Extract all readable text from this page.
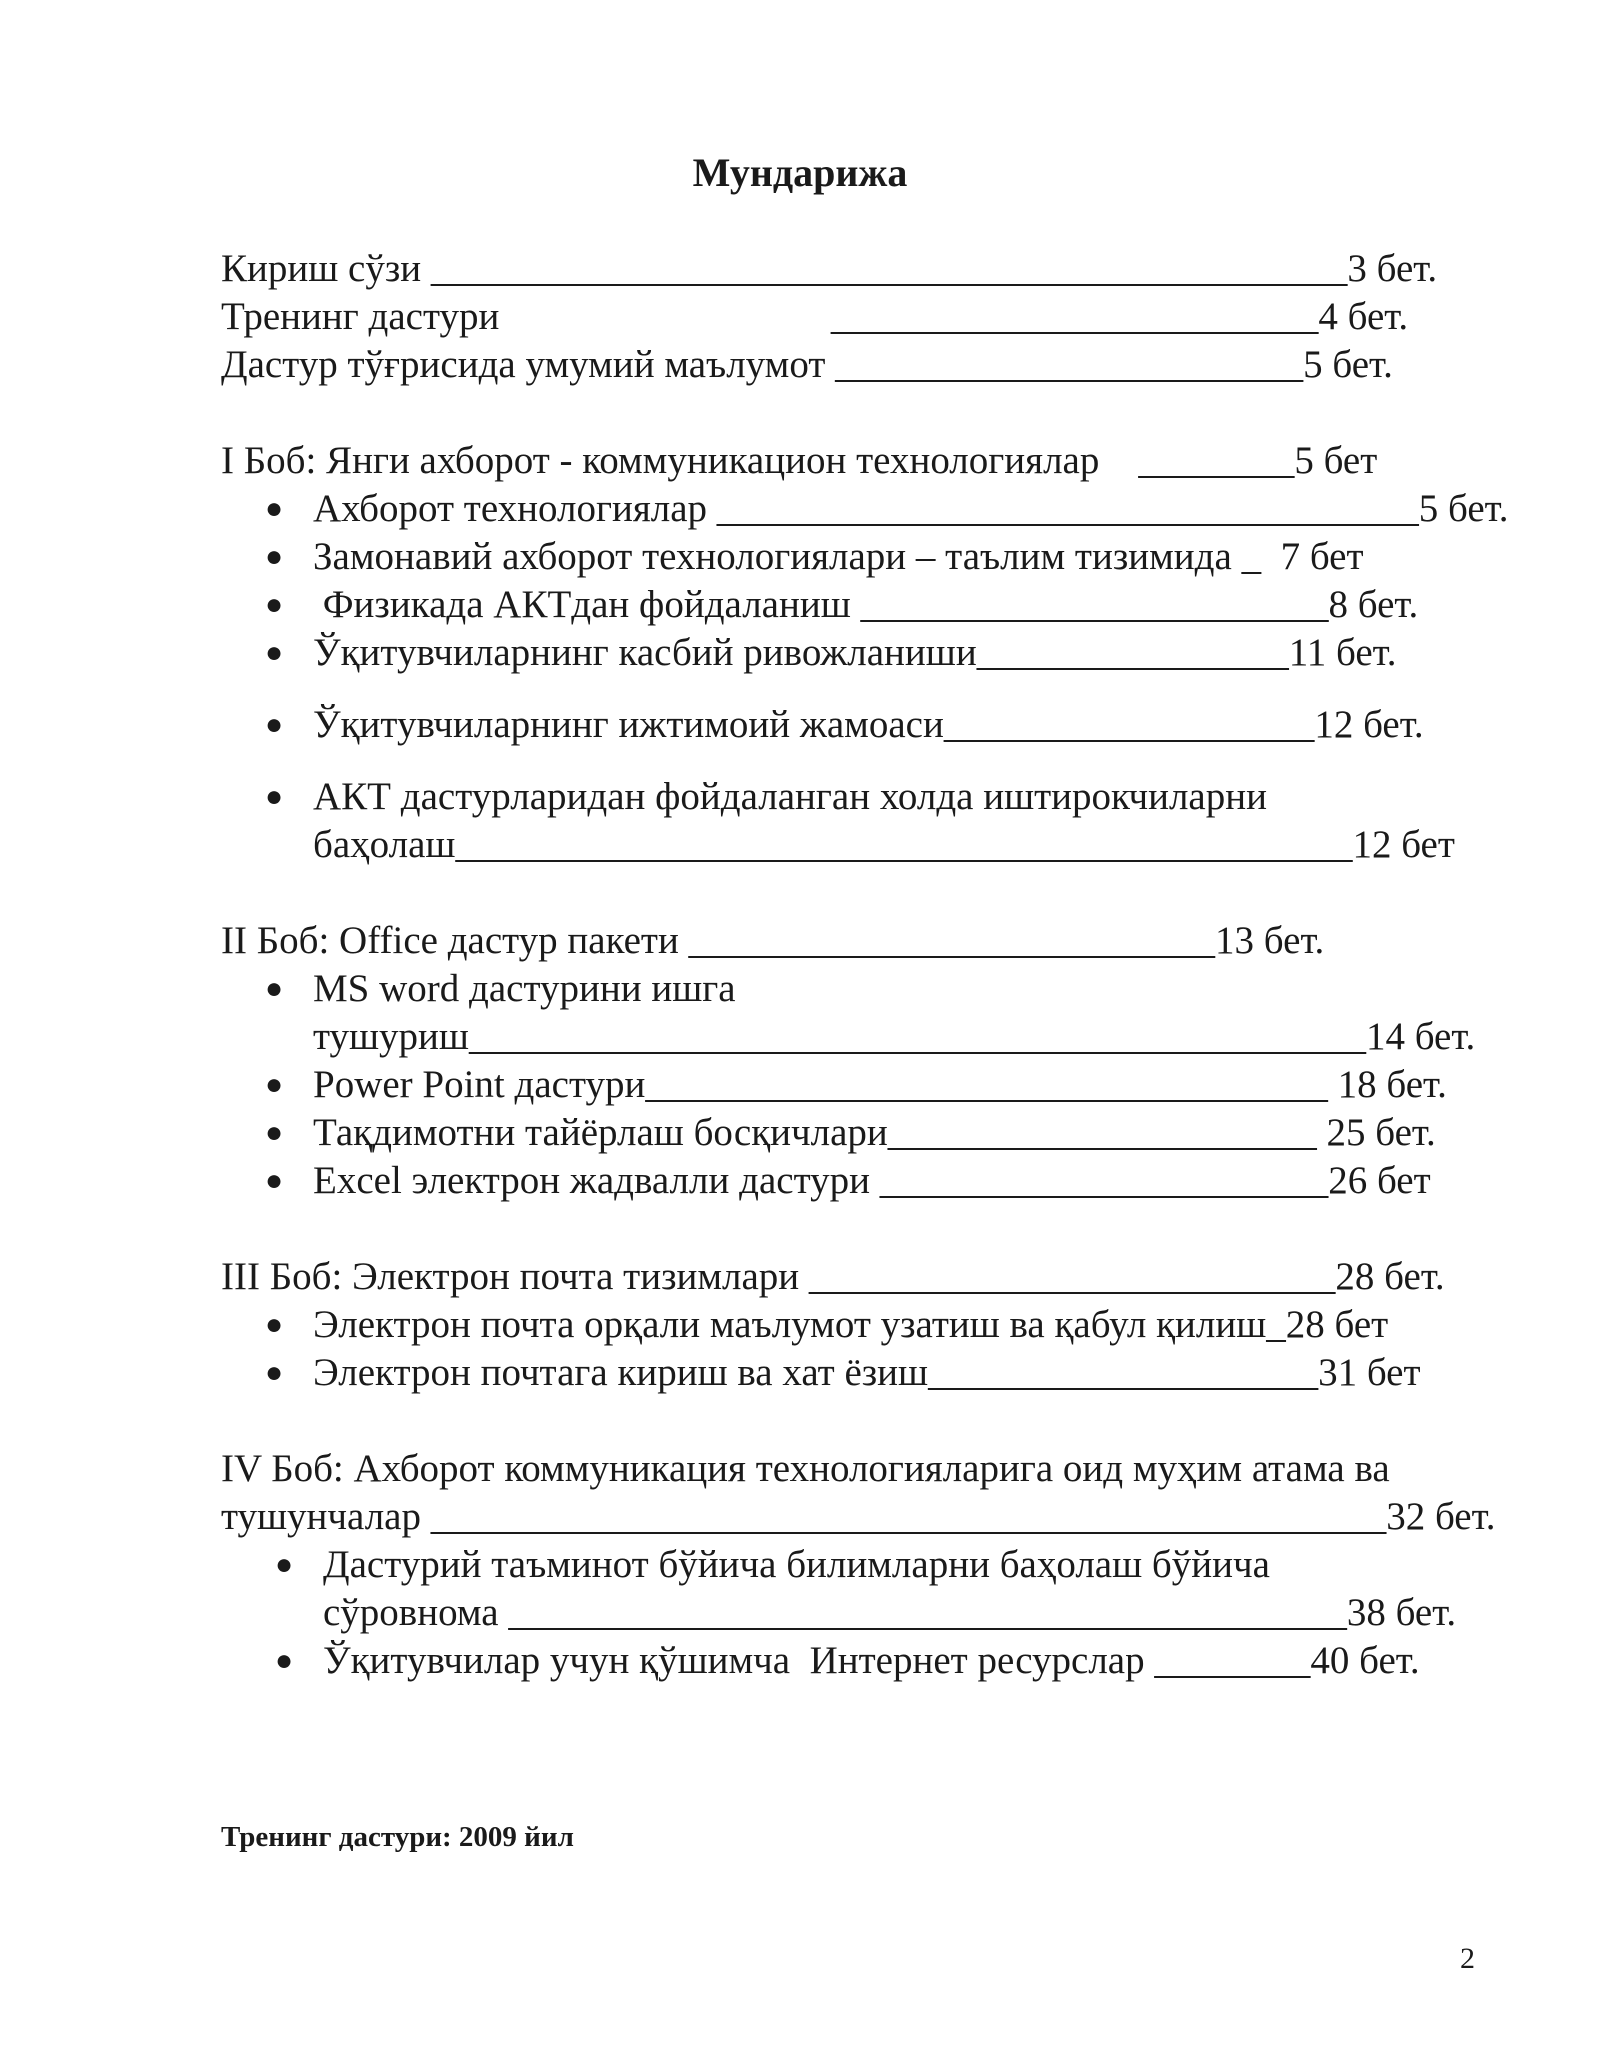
Мундарижа
Кириш сўзи _______________________________________________3 бет.
Тренинг дастури                                  _________________________4 бет.
Дастур тўғрисида умумий маълумот ________________________5 бет.
I Боб: Янги ахборот - коммуникацион технологиялар    ________5 бет
● Ахборот технологиялар ____________________________________5 бет.
● Замонавий ахборот технологиялари – таълим тизимида _  7 бет
● Физикада АКТдан фойдаланиш ________________________8 бет.
● Ўқитувчиларнинг касбий ривожланиши________________11 бет.
● Ўқитувчиларнинг ижтимоий жамоаси___________________12 бет.
● АКТ дастурларидан фойдаланган холда иштирокчиларни
баҳолаш______________________________________________12 бет
II Боб: Office дастур пакети ___________________________13 бет.
● MS word дастурини ишга
тушуриш______________________________________________14 бет.
● Power Point дастури___________________________________ 18 бет.
● Тақдимотни тайёрлаш босқичлари______________________ 25 бет.
● Excel электрон жадвалли дастури _______________________26 бет
III Боб: Электрон почта тизимлари ___________________________28 бет.
● Электрон почта орқали маълумот узатиш ва қабул қилиш_28 бет
● Электрон почтага кириш ва хат ёзиш____________________31 бет
IV Боб: Ахборот коммуникация технологияларига оид муҳим атама ва
тушунчалар _________________________________________________32 бет.
● Дастурий таъминот бўйича билимларни баҳолаш бўйича
сўровнома ___________________________________________38 бет.
● Ўқитувчилар учун қўшимча  Интернет ресурслар ________40 бет.
Тренинг дастури: 2009 йил
2
